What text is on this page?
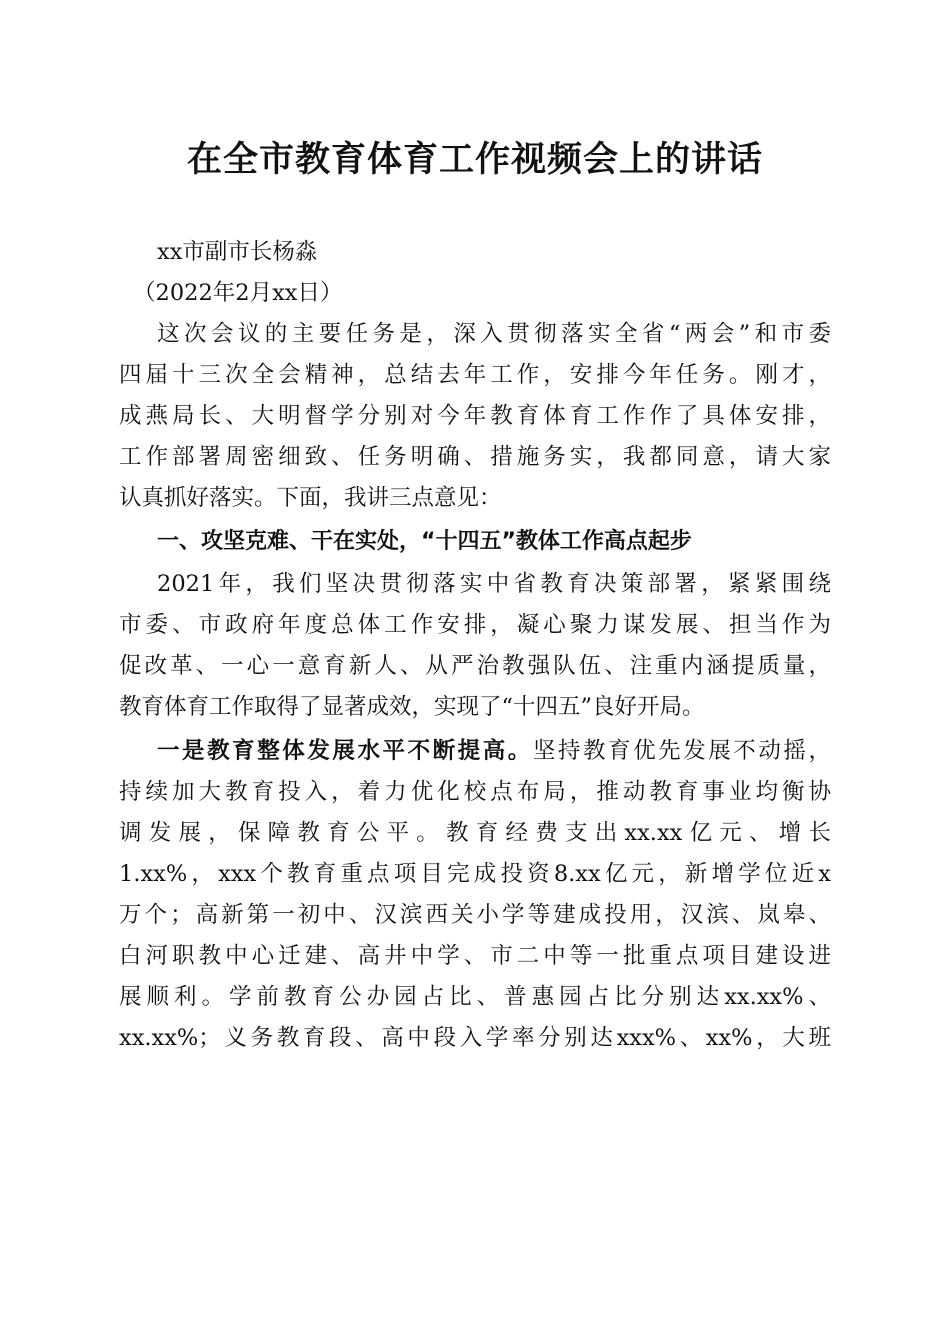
在全市教育体育工作视频会上的讲话
xx市副市长杨淼
（2022年2月xx日）
这次会议的主要任务是，深入贯彻落实全省“两会”和市委
四届十三次全会精神，总结去年工作，安排今年任务。刚才，
成燕局长、大明督学分别对今年教育体育工作作了具体安排，
工作部署周密细致、任务明确、措施务实，我都同意，请大家
认真抓好落实。下面，我讲三点意见：
一、攻坚克难、干在实处，“十四五”教体工作高点起步
2021年，我们坚决贯彻落实中省教育决策部署，紧紧围绕
市委、市政府年度总体工作安排，凝心聚力谋发展、担当作为
促改革、一心一意育新人、从严治教强队伍、注重内涵提质量，
教育体育工作取得了显著成效，实现了“十四五”良好开局。
一是教育整体发展水平不断提高。坚持教育优先发展不动摇，
持续加大教育投入，着力优化校点布局，推动教育事业均衡协
调发展，保障教育公平。教育经费支出xx.xx亿元、增长
1.xx%，xxx个教育重点项目完成投资8.xx亿元，新增学位近x
万个；高新第一初中、汉滨西关小学等建成投用，汉滨、岚皋、
白河职教中心迁建、高井中学、市二中等一批重点项目建设进
展顺利。学前教育公办园占比、普惠园占比分别达xx.xx%、
xx.xx%；义务教育段、高中段入学率分别达xxx%、xx%，大班
